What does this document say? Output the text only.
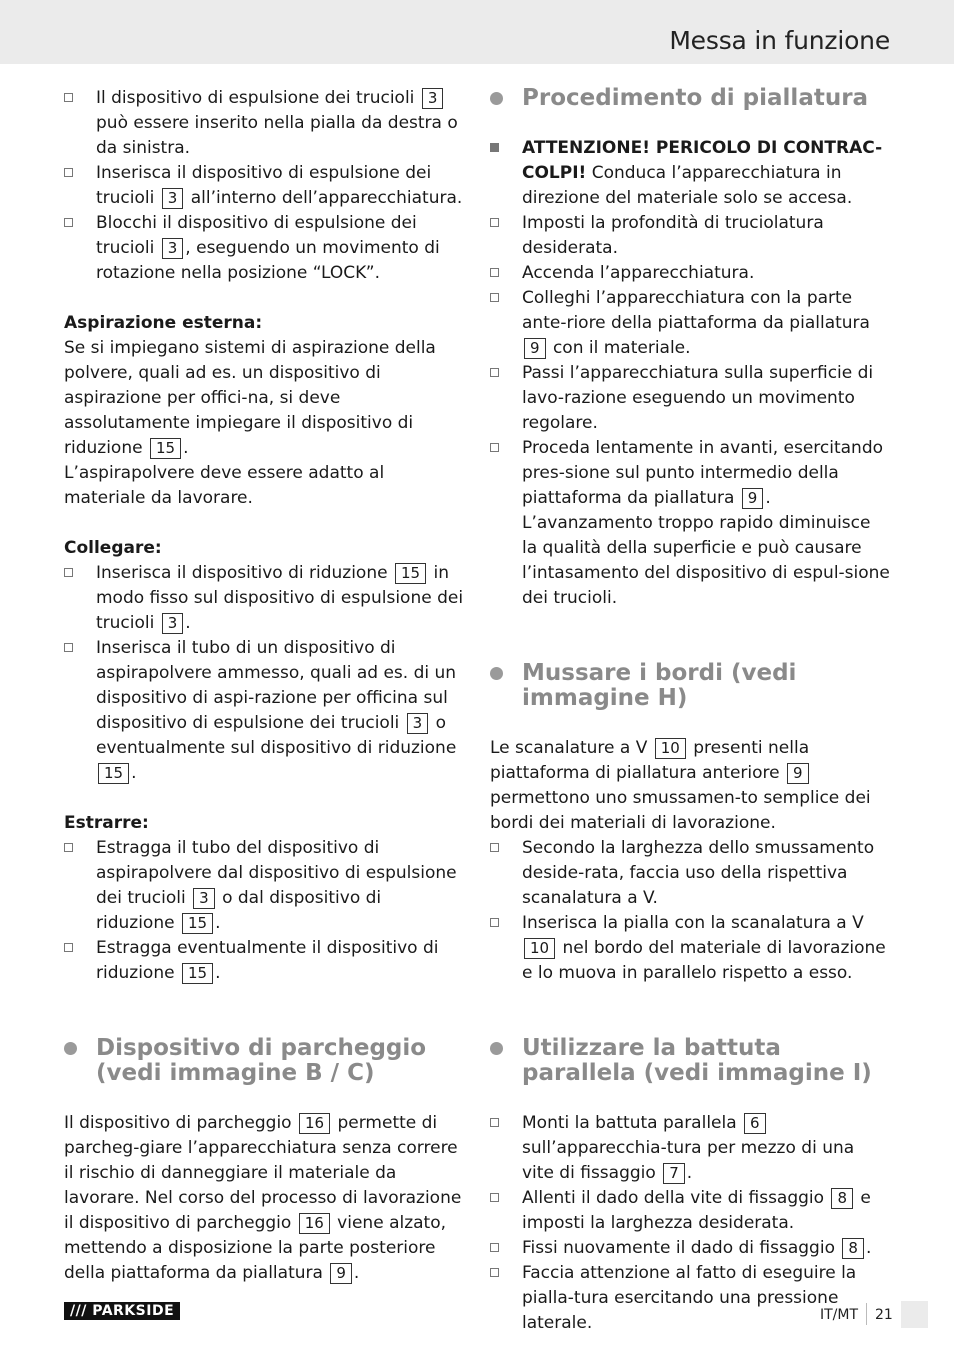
Messa in funzione
Il dispositivo di espulsione dei trucioli 3 può essere inserito nella pialla da destra o da sinistra.
Inserisca il dispositivo di espulsione dei trucioli 3 all’interno dell’apparecchiatura.
Blocchi il dispositivo di espulsione dei trucioli 3 , eseguendo un movimento di rotazione nella posizione “LOCK”.
Aspirazione esterna:
Se si impiegano sistemi di aspirazione della polvere, quali ad es. un dispositivo di aspirazione per offici-na, si deve assolutamente impiegare il dispositivo di riduzione 15 .
L’aspirapolvere deve essere adatto al materiale da lavorare.
Collegare:
Inserisca il dispositivo di riduzione 15 in modo fisso sul dispositivo di espulsione dei trucioli 3 .
Inserisca il tubo di un dispositivo di aspirapolvere ammesso, quali ad es. di un dispositivo di aspi-razione per officina sul dispositivo di espulsione dei trucioli 3 o eventualmente sul dispositivo di riduzione 15 .
Estrarre:
Estragga il tubo del dispositivo di aspirapolvere dal dispositivo di espulsione dei trucioli 3 o dal dispositivo di riduzione 15 .
Estragga eventualmente il dispositivo di riduzione 15 .
Dispositivo di parcheggio (vedi immagine B / C)
Il dispositivo di parcheggio 16 permette di parcheg-giare l’apparecchiatura senza correre il rischio di danneggiare il materiale da lavorare. Nel corso del processo di lavorazione il dispositivo di parcheggio 16 viene alzato, mettendo a disposizione la parte posteriore della piattaforma da piallatura 9 .
Procedimento di piallatura
ATTENZIONE! PERICOLO DI CONTRAC-COLPI! Conduca l’apparecchiatura in direzione del materiale solo se accesa.
Imposti la profondità di truciolatura desiderata.
Accenda l’apparecchiatura.
Colleghi l’apparecchiatura con la parte ante-riore della piattaforma da piallatura 9 con il materiale.
Passi l’apparecchiatura sulla superficie di lavo-razione eseguendo un movimento regolare.
Proceda lentamente in avanti, esercitando pres-sione sul punto intermedio della piattaforma da piallatura 9 . L’avanzamento troppo rapido diminuisce la qualità della superficie e può causare l’intasamento del dispositivo di espul-sione dei trucioli.
Mussare i bordi (vedi immagine H)
Le scanalature a V 10 presenti nella piattaforma di piallatura anteriore 9 permettono uno smussamen-to semplice dei bordi dei materiali di lavorazione.
Secondo la larghezza dello smussamento deside-rata, faccia uso della rispettiva scanalatura a V.
Inserisca la pialla con la scanalatura a V 10 nel bordo del materiale di lavorazione e lo muova in parallelo rispetto a esso.
Utilizzare la battuta parallela (vedi immagine I)
Monti la battuta parallela 6 sull’apparecchia-tura per mezzo di una vite di fissaggio 7 .
Allenti il dado della vite di fissaggio 8 e imposti la larghezza desiderata.
Fissi nuovamente il dado di fissaggio 8 .
Faccia attenzione al fatto di eseguire la pialla-tura esercitando una pressione laterale.
/// PARKSIDE	IT/MT 21
